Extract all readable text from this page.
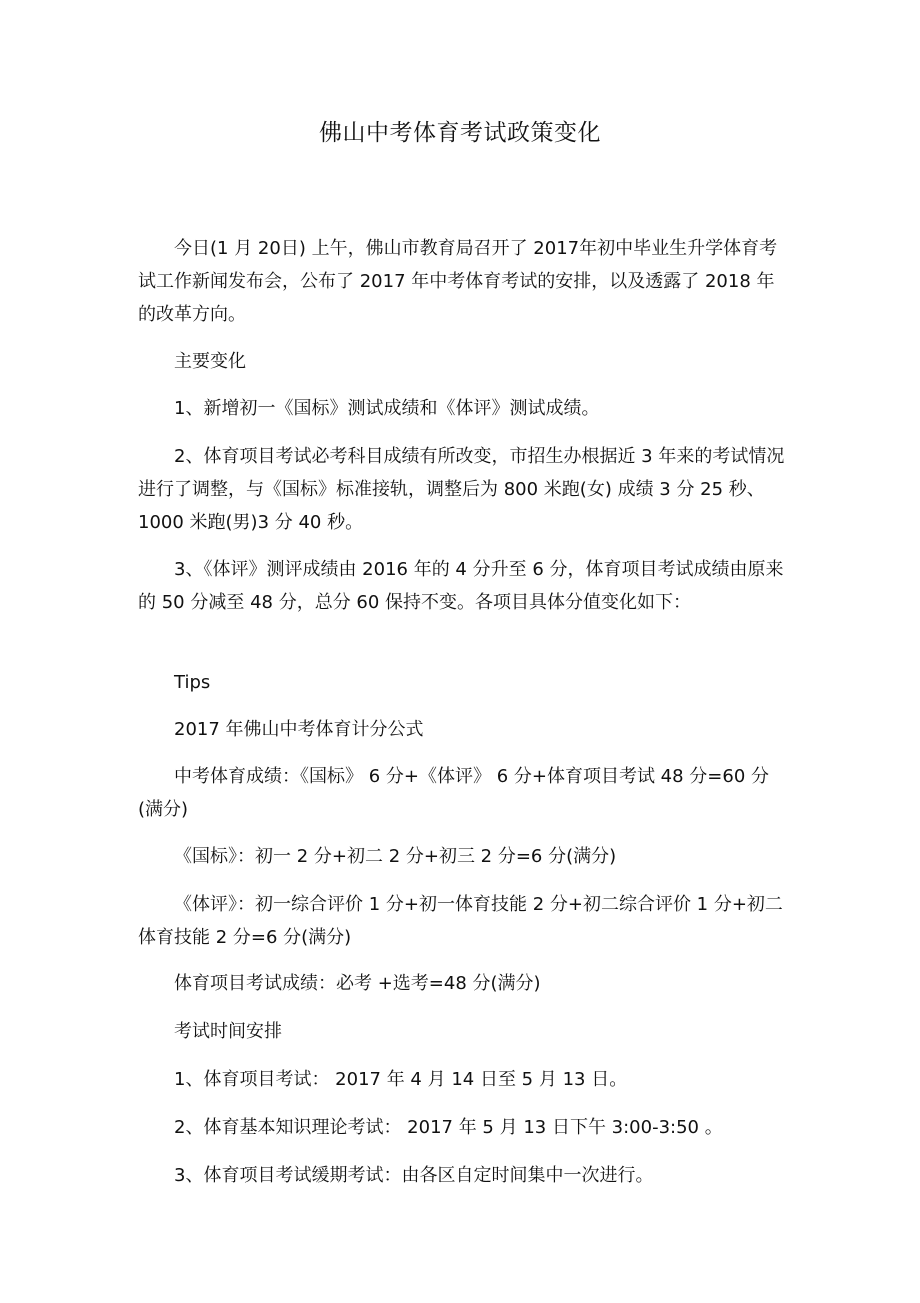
佛山中考体育考试政策变化
今日(1 月 20日) 上午，佛山市教育局召开了 2017年初中毕业生升学体育考试工作新闻发布会，公布了 2017 年中考体育考试的安排，以及透露了 2018 年的改革方向。
主要变化
1、新增初一《国标》测试成绩和《体评》测试成绩。
2、体育项目考试必考科目成绩有所改变，市招生办根据近 3 年来的考试情况进行了调整，与《国标》标准接轨，调整后为 800 米跑(女) 成绩 3 分 25 秒、1000 米跑(男)3 分 40 秒。
3、《体评》测评成绩由 2016 年的 4 分升至 6 分，体育项目考试成绩由原来的 50 分减至 48 分，总分 60 保持不变。各项目具体分值变化如下：
Tips
2017 年佛山中考体育计分公式
中考体育成绩：《国标》 6 分+《体评》 6 分+体育项目考试 48 分=60 分(满分)
《国标》：初一 2 分+初二 2 分+初三 2 分=6 分(满分)
《体评》：初一综合评价 1 分+初一体育技能 2 分+初二综合评价 1 分+初二体育技能 2 分=6 分(满分)
体育项目考试成绩：必考 +选考=48 分(满分)
考试时间安排
1、体育项目考试： 2017 年 4 月 14 日至 5 月 13 日。
2、体育基本知识理论考试： 2017 年 5 月 13 日下午 3:00-3:50 。
3、体育项目考试缓期考试：由各区自定时间集中一次进行。
